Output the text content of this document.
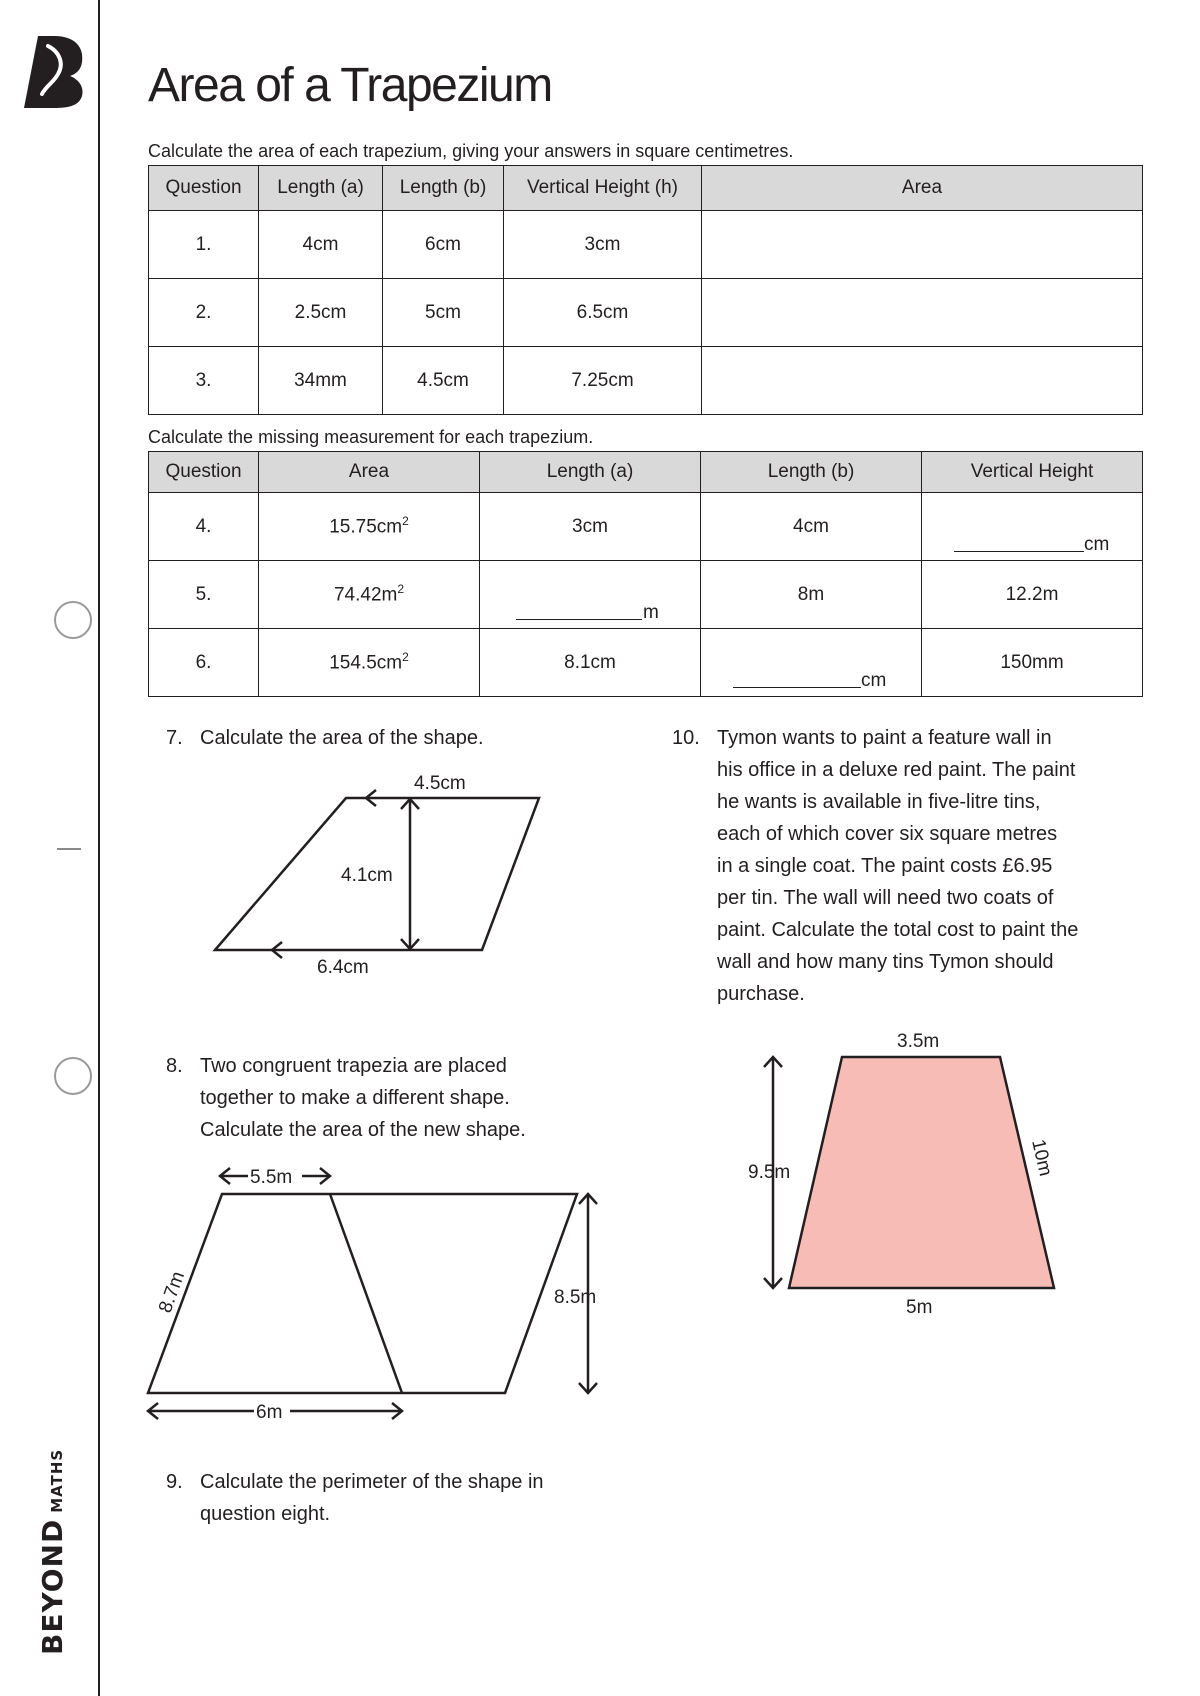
BEYONDMATHS
Area of a Trapezium
Calculate the area of each trapezium, giving your answers in square centimetres.
Question	Length (a)	Length (b)	Vertical Height (h)	Area
1.	4cm	6cm	3cm	
2.	2.5cm	5cm	6.5cm	
3.	34mm	4.5cm	7.25cm	
Calculate the missing measurement for each trapezium.
Question	Area	Length (a)	Length (b)	Vertical Height
4.	$15.75cm^2$	3cm	4cm	cm

5.	$74.42m^2$	m	8m	12.2m
6.	$154.5cm^2$	8.1cm	cm	150mm
7. Calculate the area of the shape.
4.5cm
4.1cm
6.4cm
8. Two congruent trapezia are placed
together to make a different shape.
Calculate the area of the new shape.
5.5m
8.7m	8.5m
6m
9. Calculate the perimeter of the shape in
question eight.
10. Tymon wants to paint a feature wall in
his office in a deluxe red paint. The paint
he wants is available in five-litre tins,
each of which cover six square metres
in a single coat. The paint costs £6.95
per tin. The wall will need two coats of
paint. Calculate the total cost to paint the
wall and how many tins Tymon should
purchase.
3.5m
9.5m	10m
5m
